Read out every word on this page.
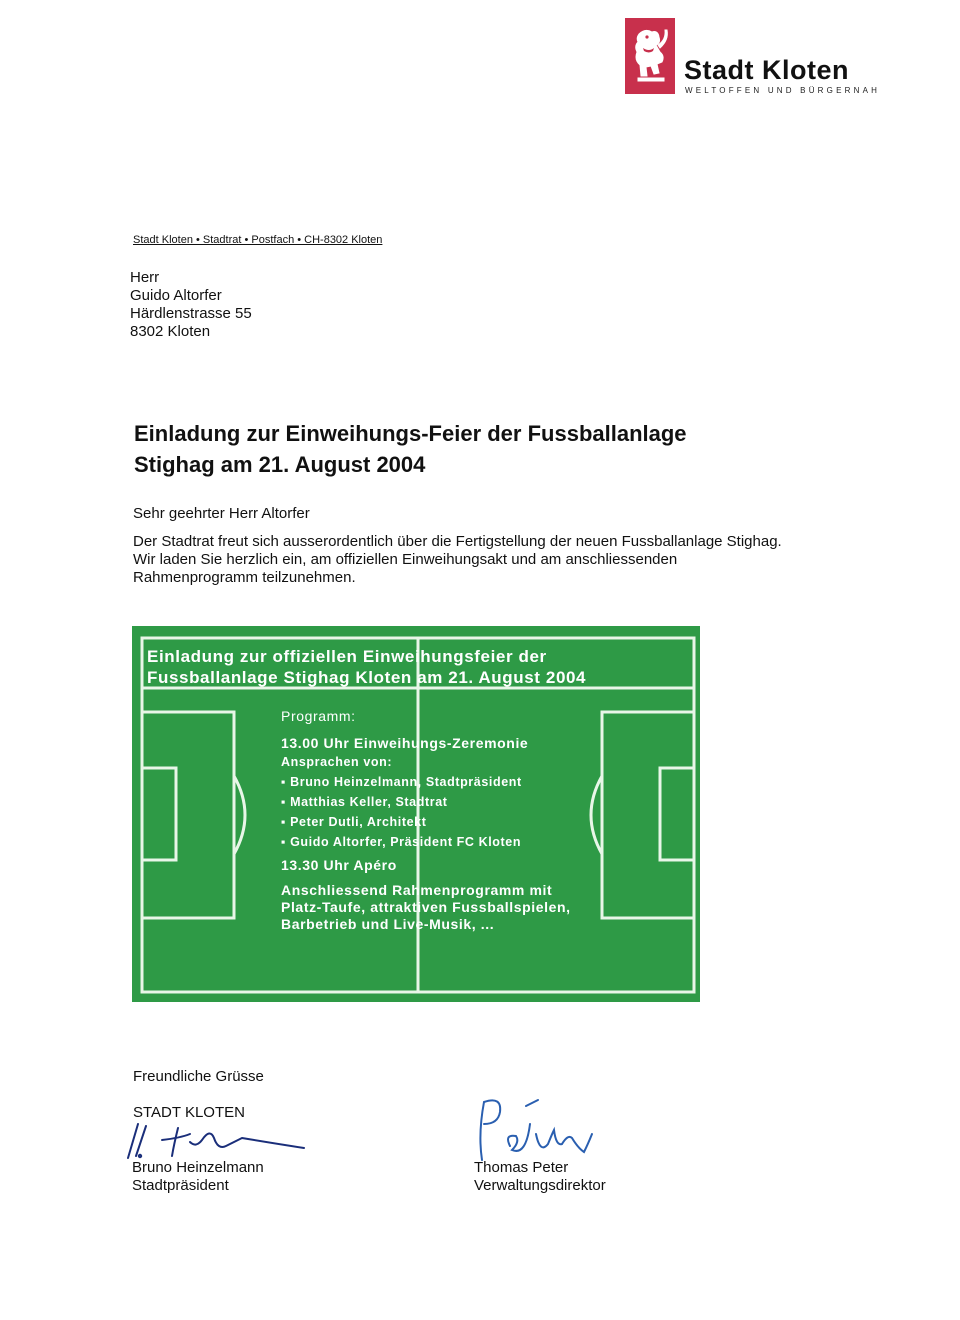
Stadt Kloten
WELTOFFEN UND BÜRGERNAH
Stadt Kloten • Stadtrat • Postfach • CH-8302 Kloten
Herr
Guido Altorfer
Härdlenstrasse 55
8302 Kloten
Einladung zur Einweihungs-Feier der Fussballanlage
Stighag am 21. August 2004
Sehr geehrter Herr Altorfer
Der Stadtrat freut sich ausserordentlich über die Fertigstellung der neuen Fussballanlage Stighag. Wir laden Sie herzlich ein, am offiziellen Einweihungsakt und am anschliessenden Rahmenprogramm teilzunehmen.
Einladung zur offiziellen Einweihungsfeier der
Fussballanlage Stighag Kloten am 21. August 2004
Programm:
13.00 Uhr Einweihungs-Zeremonie
Ansprachen von:
▪ Bruno Heinzelmann, Stadtpräsident
▪ Matthias Keller, Stadtrat
▪ Peter Dutli, Architekt
▪ Guido Altorfer, Präsident FC Kloten
13.30 Uhr Apéro
Anschliessend Rahmenprogramm mit Platz-Taufe, attraktiven Fussballspielen, Barbetrieb und Live-Musik, ...
Freundliche Grüsse
STADT KLOTEN
Bruno Heinzelmann
Stadtpräsident
Thomas Peter
Verwaltungsdirektor
